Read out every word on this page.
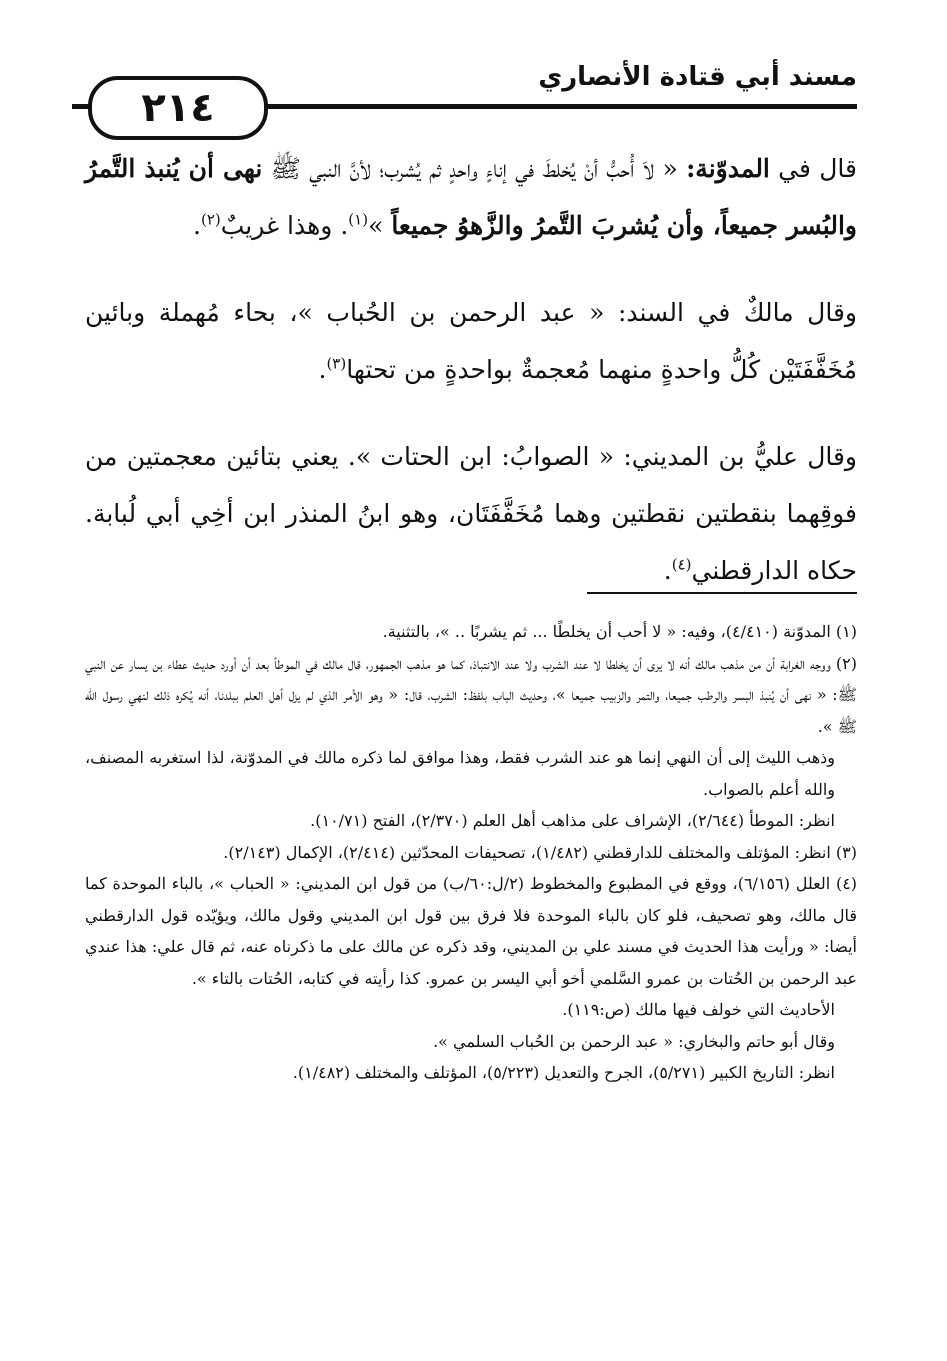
مسند أبي قتادة الأنصاري
٢١٤

قال في المدوّنة: « لاَ أُحبُّ أنْ يُخلطَ في إناءٍ واحدٍ ثم يُشرب؛ لأنَّ النبي ﷺ نهى أن يُنبذ التَّمرُ والبُسر جميعاً، وأن يُشربَ التَّمرُ والزَّهوُ جميعاً »$^{(١)}$. وهذا غريبٌ$^{(٢)}$.

وقال مالكٌ في السند: « عبد الرحمن بن الحُباب »، بحاء مُهملة وبائين مُخَفَّفَتَيْن كُلُّ واحدةٍ منهما مُعجمةٌ بواحدةٍ من تحتها$^{(٣)}$.

وقال عليُّ بن المديني: « الصوابُ: ابن الحتات ». يعني بتائين معجمتين من فوقِهما بنقطتين نقطتين وهما مُخَفَّفَتَان، وهو ابنُ المنذر ابن أخِي أبي لُبابة. حكاه الدارقطني$^{(٤)}$.

(١) المدوّنة (٤/٤١٠)، وفيه: « لا أحب أن يخلطًا ... ثم يشربًا .. »، بالتثنية.

(٢) ووجه الغرابة أن من مذهب مالك أنه لا يرى أن يخلطا لا عند الشرب ولا عند الانتباذ، كما هو مذهب الجمهور، قال مالك في الموطأ بعد أن أورد حديث عطاء بن يسار عن النبي ﷺ: « نهى أن يُنبذ البسر والرطب جميعا، والتمر والزبيب جميعا »، وحديث الباب بلفظ: الشرب، قال: « وهو الأمر الذي لم يزل أهل العلم ببلدنا، أنه يُكره ذلك لنهي رسول الله ﷺ ».

وذهب الليث إلى أن النهي إنما هو عند الشرب فقط، وهذا موافق لما ذكره مالك في المدوّنة، لذا استغربه المصنف، والله أعلم بالصواب.

انظر: الموطأ (٢/٦٤٤)، الإشراف على مذاهب أهل العلم (٢/٣٧٠)، الفتح (١٠/٧١).

(٣) انظر: المؤتلف والمختلف للدارقطني (١/٤٨٢)، تصحيفات المحدّثين (٢/٤١٤)، الإكمال (٢/١٤٣).

(٤) العلل (٦/١٥٦)، ووقع في المطبوع والمخطوط (٢/ل:٦٠/ب) من قول ابن المديني: « الحباب »، بالباء الموحدة كما قال مالك، وهو تصحيف، فلو كان بالباء الموحدة فلا فرق بين قول ابن المديني وقول مالك، ويؤيّده قول الدارقطني أيضا: « ورأيت هذا الحديث في مسند علي بن المديني، وقد ذكره عن مالك على ما ذكرناه عنه، ثم قال علي: هذا عندي عبد الرحمن بن الحُتات بن عمرو السَّلمي أخو أبي اليسر بن عمرو. كذا رأيته في كتابه، الحُتات بالتاء ».

الأحاديث التي خولف فيها مالك (ص:١١٩).

وقال أبو حاتم والبخاري: « عبد الرحمن بن الحُباب السلمي ».

انظر: التاريخ الكبير (٥/٢٧١)، الجرح والتعديل (٥/٢٢٣)، المؤتلف والمختلف (١/٤٨٢).
